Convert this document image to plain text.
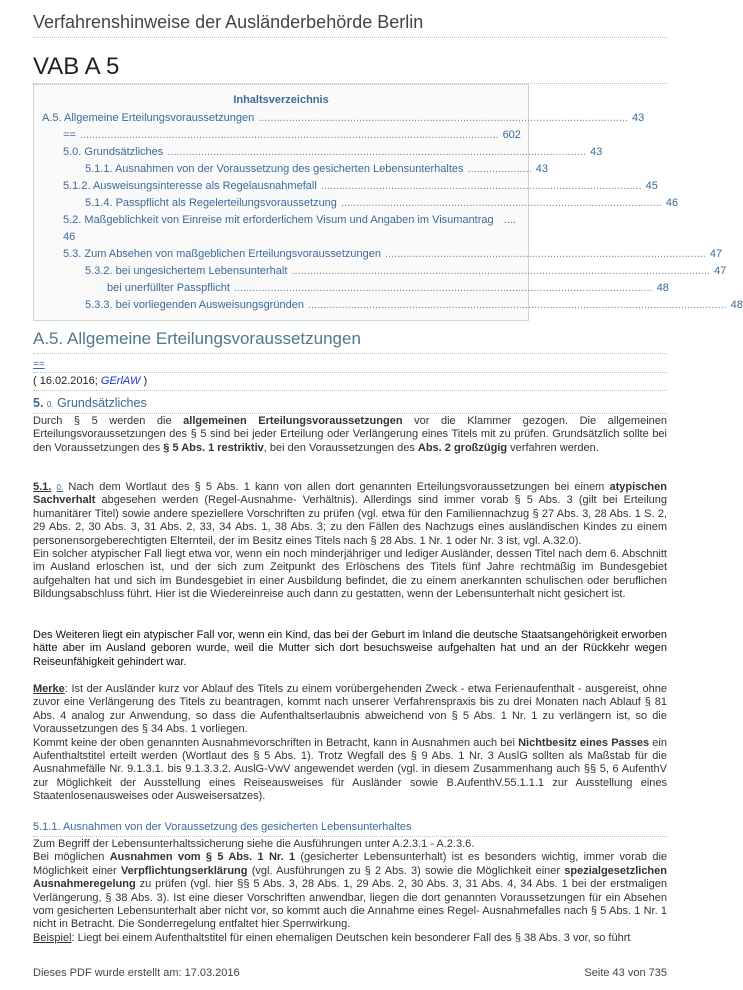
Verfahrenshinweise der Ausländerbehörde Berlin
VAB A 5
Inhaltsverzeichnis
A.5. Allgemeine Erteilungsvoraussetzungen ......................................................................................................................... 43
== ......................................................................................................................................... 602
5.0. Grundsätzliches ......................................................................................................................................... 43
5.1.1. Ausnahmen von der Voraussetzung des gesicherten Lebensunterhaltes ..................... 43
5.1.2. Ausweisungsinteresse als Regelausnahmefall ......................................................................................................... 45
5.1.4. Passpflicht als Regelerteilungsvoraussetzung ......................................................................................................... 46
5.2. Maßgeblichkeit von Einreise mit erforderlichem Visum und Angaben im Visumantrag ....
46
5.3. Zum Absehen von maßgeblichen Erteilungsvoraussetzungen ......................................................................................................... 47
5.3.2. bei ungesichertem Lebensunterhalt ......................................................................................................................................... 47
bei unerfüllter Passpflicht ......................................................................................................................................... 48
5.3.3. bei vorliegenden Ausweisungsgründen ......................................................................................................................................... 48
A.5. Allgemeine Erteilungsvoraussetzungen
==
( 16.02.2016; GErlAW )
5. 0. Grundsätzliches
Durch § 5 werden die allgemeinen Erteilungsvoraussetzungen vor die Klammer gezogen. Die allgemeinen Erteilungsvoraussetzungen des § 5 sind bei jeder Erteilung oder Verlängerung eines Titels mit zu prüfen. Grundsätzlich sollte bei den Voraussetzungen des § 5 Abs. 1 restriktiv, bei den Voraussetzungen des Abs. 2 großzügig verfahren werden.
5.1. 0. Nach dem Wortlaut des § 5 Abs. 1 kann von allen dort genannten Erteilungsvoraussetzungen bei einem atypischen Sachverhalt abgesehen werden (Regel-Ausnahme- Verhältnis). Allerdings sind immer vorab § 5 Abs. 3 (gilt bei Erteilung humanitärer Titel) sowie andere speziellere Vorschriften zu prüfen (vgl. etwa für den Familiennachzug § 27 Abs. 3, 28 Abs. 1 S. 2, 29 Abs. 2, 30 Abs. 3, 31 Abs. 2, 33, 34 Abs. 1, 38 Abs. 3; zu den Fällen des Nachzugs eines ausländischen Kindes zu einem personensorgeberechtigten Elternteil, der im Besitz eines Titels nach § 28 Abs. 1 Nr. 1 oder Nr. 3 ist, vgl. A.32.0).
Ein solcher atypischer Fall liegt etwa vor, wenn ein noch minderjähriger und lediger Ausländer, dessen Titel nach dem 6. Abschnitt im Ausland erloschen ist, und der sich zum Zeitpunkt des Erlöschens des Titels fünf Jahre rechtmäßig im Bundesgebiet aufgehalten hat und sich im Bundesgebiet in einer Ausbildung befindet, die zu einem anerkannten schulischen oder beruflichen Bildungsabschluss führt. Hier ist die Wiedereinreise auch dann zu gestatten, wenn der Lebensunterhalt nicht gesichert ist.
Des Weiteren liegt ein atypischer Fall vor, wenn ein Kind, das bei der Geburt im Inland die deutsche Staatsangehörigkeit erworben hätte aber im Ausland geboren wurde, weil die Mutter sich dort besuchsweise aufgehalten hat und an der Rückkehr wegen Reiseunfähigkeit gehindert war.
Merke: Ist der Ausländer kurz vor Ablauf des Titels zu einem vorübergehenden Zweck - etwa Ferienaufenthalt - ausgereist, ohne zuvor eine Verlängerung des Titels zu beantragen, kommt nach unserer Verfahrenspraxis bis zu drei Monaten nach Ablauf § 81 Abs. 4 analog zur Anwendung, so dass die Aufenthaltserlaubnis abweichend von § 5 Abs. 1 Nr. 1 zu verlängern ist, so die Voraussetzungen des § 34 Abs. 1 vorliegen.
Kommt keine der oben genannten Ausnahmevorschriften in Betracht, kann in Ausnahmen auch bei Nichtbesitz eines Passes ein Aufenthaltstitel erteilt werden (Wortlaut des § 5 Abs. 1). Trotz Wegfall des § 9 Abs. 1 Nr. 3 AuslG sollten als Maßstab für die Ausnahmefälle Nr. 9.1.3.1. bis 9.1.3.3.2. AuslG-VwV angewendet werden (vgl. in diesem Zusammenhang auch §§ 5, 6 AufenthV zur Möglichkeit der Ausstellung eines Reiseausweises für Ausländer sowie B.AufenthV.55.1.1.1 zur Ausstellung eines Staatenlosenausweises oder Ausweisersatzes).
5.1.1. Ausnahmen von der Voraussetzung des gesicherten Lebensunterhaltes
Zum Begriff der Lebensunterhaltssicherung siehe die Ausführungen unter A.2.3.1 - A.2.3.6.
Bei möglichen Ausnahmen vom § 5 Abs. 1 Nr. 1 (gesicherter Lebensunterhalt) ist es besonders wichtig, immer vorab die Möglichkeit einer Verpflichtungserklärung (vgl. Ausführungen zu § 2 Abs. 3) sowie die Möglichkeit einer spezialgesetzlichen Ausnahmeregelung zu prüfen (vgl. hier §§ 5 Abs. 3, 28 Abs. 1, 29 Abs. 2, 30 Abs. 3, 31 Abs. 4, 34 Abs. 1 bei der erstmaligen Verlängerung, § 38 Abs. 3). Ist eine dieser Vorschriften anwendbar, liegen die dort genannten Voraussetzungen für ein Absehen vom gesicherten Lebensunterhalt aber nicht vor, so kommt auch die Annahme eines Regel- Ausnahmefalles nach § 5 Abs. 1 Nr. 1 nicht in Betracht. Die Sonderregelung entfaltet hier Sperrwirkung.
Beispiel: Liegt bei einem Aufenthaltstitel für einen ehemaligen Deutschen kein besonderer Fall des § 38 Abs. 3 vor, so führt
Dieses PDF wurde erstellt am: 17.03.2016	Seite 43 von 735
